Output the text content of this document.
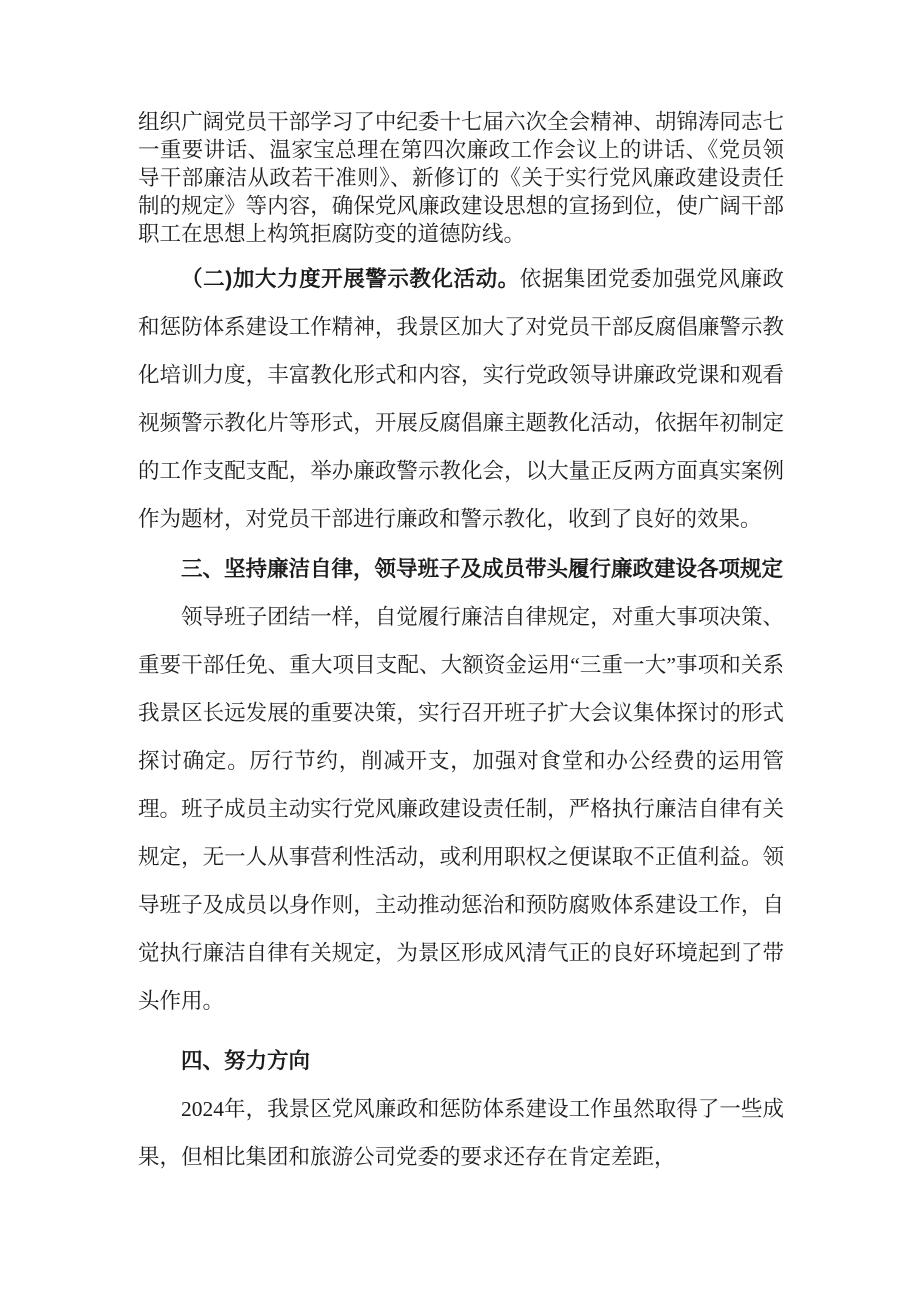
组织广阔党员干部学习了中纪委十七届六次全会精神、胡锦涛同志七一重要讲话、温家宝总理在第四次廉政工作会议上的讲话、《党员领导干部廉洁从政若干准则》、新修订的《关于实行党风廉政建设责任制的规定》等内容，确保党风廉政建设思想的宣扬到位，使广阔干部职工在思想上构筑拒腐防变的道德防线。

（二)加大力度开展警示教化活动。依据集团党委加强党风廉政和惩防体系建设工作精神，我景区加大了对党员干部反腐倡廉警示教化培训力度，丰富教化形式和内容，实行党政领导讲廉政党课和观看视频警示教化片等形式，开展反腐倡廉主题教化活动，依据年初制定的工作支配支配，举办廉政警示教化会，以大量正反两方面真实案例作为题材，对党员干部进行廉政和警示教化，收到了良好的效果。

三、坚持廉洁自律，领导班子及成员带头履行廉政建设各项规定

领导班子团结一样，自觉履行廉洁自律规定，对重大事项决策、重要干部任免、重大项目支配、大额资金运用“三重一大”事项和关系我景区长远发展的重要决策，实行召开班子扩大会议集体探讨的形式探讨确定。厉行节约，削减开支，加强对食堂和办公经费的运用管理。班子成员主动实行党风廉政建设责任制，严格执行廉洁自律有关规定，无一人从事营利性活动，或利用职权之便谋取不正值利益。领导班子及成员以身作则，主动推动惩治和预防腐败体系建设工作，自觉执行廉洁自律有关规定，为景区形成风清气正的良好环境起到了带头作用。

四、努力方向

2024年，我景区党风廉政和惩防体系建设工作虽然取得了一些成果，但相比集团和旅游公司党委的要求还存在肯定差距，
